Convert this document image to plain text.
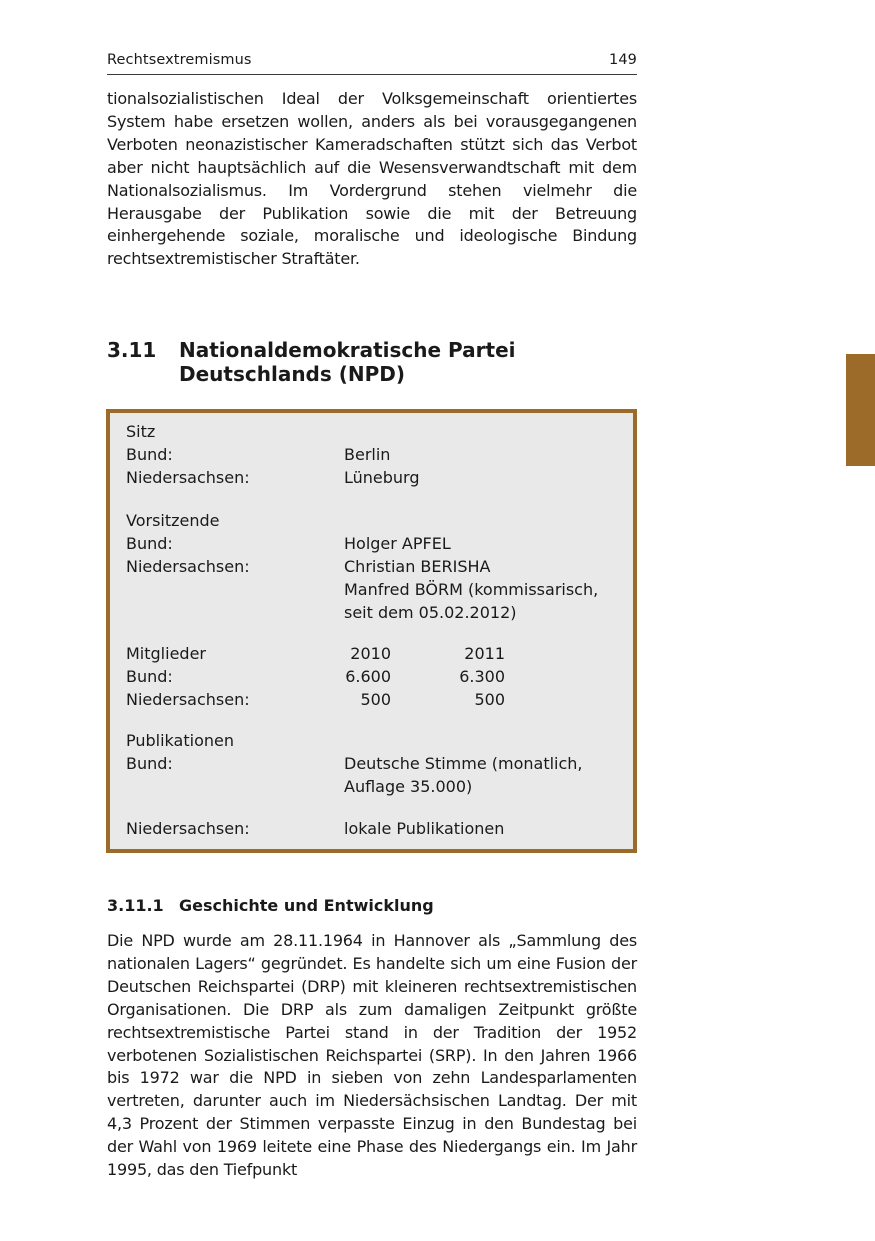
Rechtsextremismus	149

tionalsozialistischen Ideal der Volksgemeinschaft orientiertes System habe ersetzen wollen, anders als bei vorausgegangenen Verboten neonazistischer Kameradschaften stützt sich das Verbot aber nicht hauptsächlich auf die Wesensverwandtschaft mit dem Nationalsozialismus. Im Vordergrund stehen vielmehr die Herausgabe der Publikation sowie die mit der Betreuung einhergehende soziale, moralische und ideologische Bindung rechtsextremistischer Straftäter.

3.11 Nationaldemokratische Partei
Deutschlands (NPD)
Sitz
Bund:	Berlin
Niedersachsen:	Lüneburg
Vorsitzende
Bund:	Holger APFEL
Niedersachsen:	Christian BERISHA
Manfred BÖRM (kommissarisch,
seit dem 05.02.2012)
Mitglieder	2010	2011
Bund:	6.600	6.300
Niedersachsen:	500	500
Publikationen
Bund:	Deutsche Stimme (monatlich,
Auflage 35.000)
Niedersachsen:	lokale Publikationen
3.11.1 Geschichte und Entwicklung

Die NPD wurde am 28.11.1964 in Hannover als „Sammlung des nationalen Lagers“ gegründet. Es handelte sich um eine Fusion der Deutschen Reichspartei (DRP) mit kleineren rechtsextremistischen Organisationen. Die DRP als zum damaligen Zeitpunkt größte rechtsextremistische Partei stand in der Tradition der 1952 verbotenen Sozialistischen Reichspartei (SRP). In den Jahren 1966 bis 1972 war die NPD in sieben von zehn Landesparlamenten vertreten, darunter auch im Niedersächsischen Landtag. Der mit 4,3 Prozent der Stimmen verpasste Einzug in den Bundestag bei der Wahl von 1969 leitete eine Phase des Niedergangs ein. Im Jahr 1995, das den Tiefpunkt
